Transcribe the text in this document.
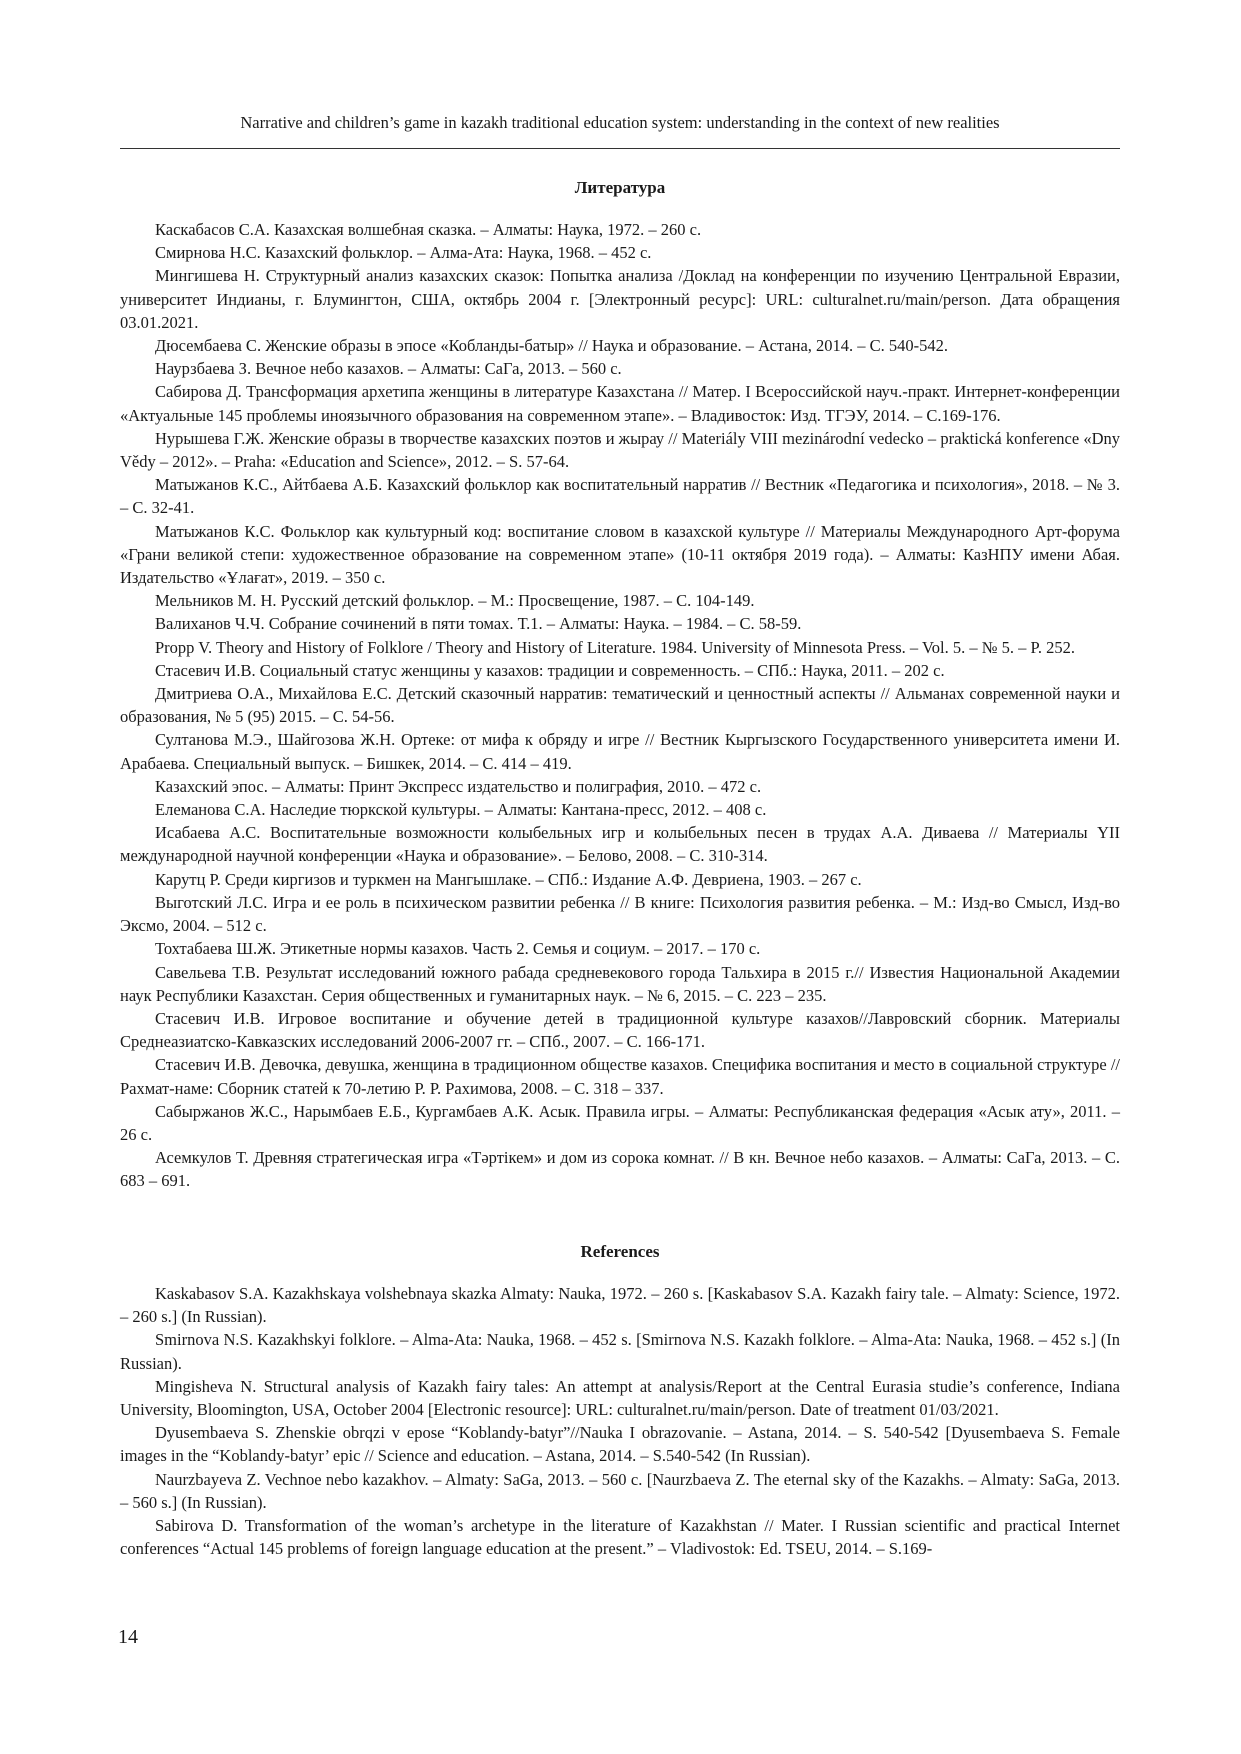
Narrative and children’s game in kazakh traditional education system: understanding in the context of new realities
Литература

Каскабасов С.А. Казахская волшебная сказка. – Алматы: Наука, 1972. – 260 с.

Смирнова Н.С. Казахский фольклор. – Алма-Ата: Наука, 1968. – 452 с.

Мингишева Н. Структурный анализ казахских сказок: Попытка анализа /Доклад на конференции по изучению Центральной Евразии, университет Индианы, г. Блумингтон, США, октябрь 2004 г. [Электронный ресурс]: URL: culturalnet.ru/main/person. Дата обращения 03.01.2021.

Дюсембаева С. Женские образы в эпосе «Кобланды-батыр» // Наука и образование. – Астана, 2014. – С. 540-542.

Наурзбаева З. Вечное небо казахов. – Алматы: СаГа, 2013. – 560 с.

Сабирова Д. Трансформация архетипа женщины в литературе Казахстана // Матер. I Всероссийской науч.-практ. Интернет-конференции «Актуальные 145 проблемы иноязычного образования на современном этапе». – Владивосток: Изд. ТГЭУ, 2014. – С.169-176.

Нурышева Г.Ж. Женские образы в творчестве казахских поэтов и жырау // Materiály VIII mezinárodní vedecko – praktická konference «Dny Vědy – 2012». – Praha: «Education and Science», 2012. – S. 57-64.

Матыжанов К.С., Айтбаева А.Б. Казахский фольклор как воспитательный нарратив // Вестник «Педагогика и психология», 2018. – № 3. – С. 32-41.

Матыжанов К.С. Фольклор как культурный код: воспитание словом в казахской культуре // Материалы Международного Арт-форума «Грани великой степи: художественное образование на современном этапе» (10-11 октября 2019 года). – Алматы: КазНПУ имени Абая. Издательство «Ұлағат», 2019. – 350 с.

Мельников М. Н. Русский детский фольклор. – М.: Просвещение, 1987. – С. 104-149.

Валиханов Ч.Ч. Собрание сочинений в пяти томах. Т.1. – Алматы: Наука. – 1984. – С. 58-59.

Propp V. Theory and History of Folklore / Theory and History of Literature. 1984. University of Minnesota Press. – Vol. 5. – № 5. – P. 252.

Стасевич И.В. Социальный статус женщины у казахов: традиции и современность. – СПб.: Наука, 2011. – 202 с.

Дмитриева О.А., Михайлова Е.С. Детский сказочный нарратив: тематический и ценностный аспекты // Альманах современной науки и образования, № 5 (95) 2015. – С. 54-56.

Султанова М.Э., Шайгозова Ж.Н. Ортеке: от мифа к обряду и игре // Вестник Кыргызского Государственного университета имени И. Арабаева. Специальный выпуск. – Бишкек, 2014. – С. 414 – 419.

Казахский эпос. – Алматы: Принт Экспресс издательство и полиграфия, 2010. – 472 с.

Елеманова С.А. Наследие тюркской культуры. – Алматы: Кантана-пресс, 2012. – 408 с.

Исабаева А.С. Воспитательные возможности колыбельных игр и колыбельных песен в трудах А.А. Диваева // Материалы YII международной научной конференции «Наука и образование». – Белово, 2008. – С. 310-314.

Карутц Р. Среди киргизов и туркмен на Мангышлаке. – СПб.: Издание А.Ф. Девриена, 1903. – 267 с.

Выготский Л.С. Игра и ее роль в психическом развитии ребенка // В книге: Психология развития ребенка. – М.: Изд-во Смысл, Изд-во Эксмо, 2004. – 512 с.

Тохтабаева Ш.Ж. Этикетные нормы казахов. Часть 2. Семья и социум. – 2017. – 170 с.

Савельева Т.В. Результат исследований южного рабада средневекового города Тальхира в 2015 г.// Известия Национальной Академии наук Республики Казахстан. Серия общественных и гуманитарных наук. – № 6, 2015. – С. 223 – 235.

Стасевич И.В. Игровое воспитание и обучение детей в традиционной культуре казахов//Лавровский сборник. Материалы Среднеазиатско-Кавказских исследований 2006-2007 гг. – СПб., 2007. – С. 166-171.

Стасевич И.В. Девочка, девушка, женщина в традиционном обществе казахов. Специфика воспитания и место в социальной структуре // Рахмат-наме: Сборник статей к 70-летию Р. Р. Рахимова, 2008. – С. 318 – 337.

Сабыржанов Ж.С., Нарымбаев Е.Б., Кургамбаев А.К. Асык. Правила игры. – Алматы: Республиканская федерация «Асык ату», 2011. – 26 с.

Асемкулов Т. Древняя стратегическая игра «Тәртікем» и дом из сорока комнат. // В кн. Вечное небо казахов. – Алматы: СаГа, 2013. – С. 683 – 691.

References

Kaskabasov S.A. Kazakhskaya volshebnaya skazka Almaty: Nauka, 1972. – 260 s. [Kaskabasov S.A. Kazakh fairy tale. – Almaty: Science, 1972. – 260 s.] (In Russian).

Smirnova N.S. Kazakhskyi folklore. – Alma-Ata: Nauka, 1968. – 452 s. [Smirnova N.S. Kazakh folklore. – Alma-Ata: Nauka, 1968. – 452 s.] (In Russian).

Mingisheva N. Structural analysis of Kazakh fairy tales: An attempt at analysis/Report at the Central Eurasia studie’s conference, Indiana University, Bloomington, USA, October 2004 [Electronic resource]: URL: culturalnet.ru/main/person. Date of treatment 01/03/2021.

Dyusembaeva S. Zhenskie obrqzi v epose “Koblandy-batyr”//Nauka I obrazovanie. – Astana, 2014. – S. 540-542 [Dyusembaeva S. Female images in the “Koblandy-batyr’ epic // Science and education. – Astana, 2014. – S.540-542 (In Russian).

Naurzbayeva Z. Vechnoe nebo kazakhov. – Almaty: SaGa, 2013. – 560 c. [Naurzbaeva Z. The eternal sky of the Kazakhs. – Almaty: SaGa, 2013. – 560 s.] (In Russian).

Sabirova D. Transformation of the woman’s archetype in the literature of Kazakhstan // Mater. I Russian scientific and practical Internet conferences “Actual 145 problems of foreign language education at the present.” – Vladivostok: Ed. TSEU, 2014. – S.169-

14
